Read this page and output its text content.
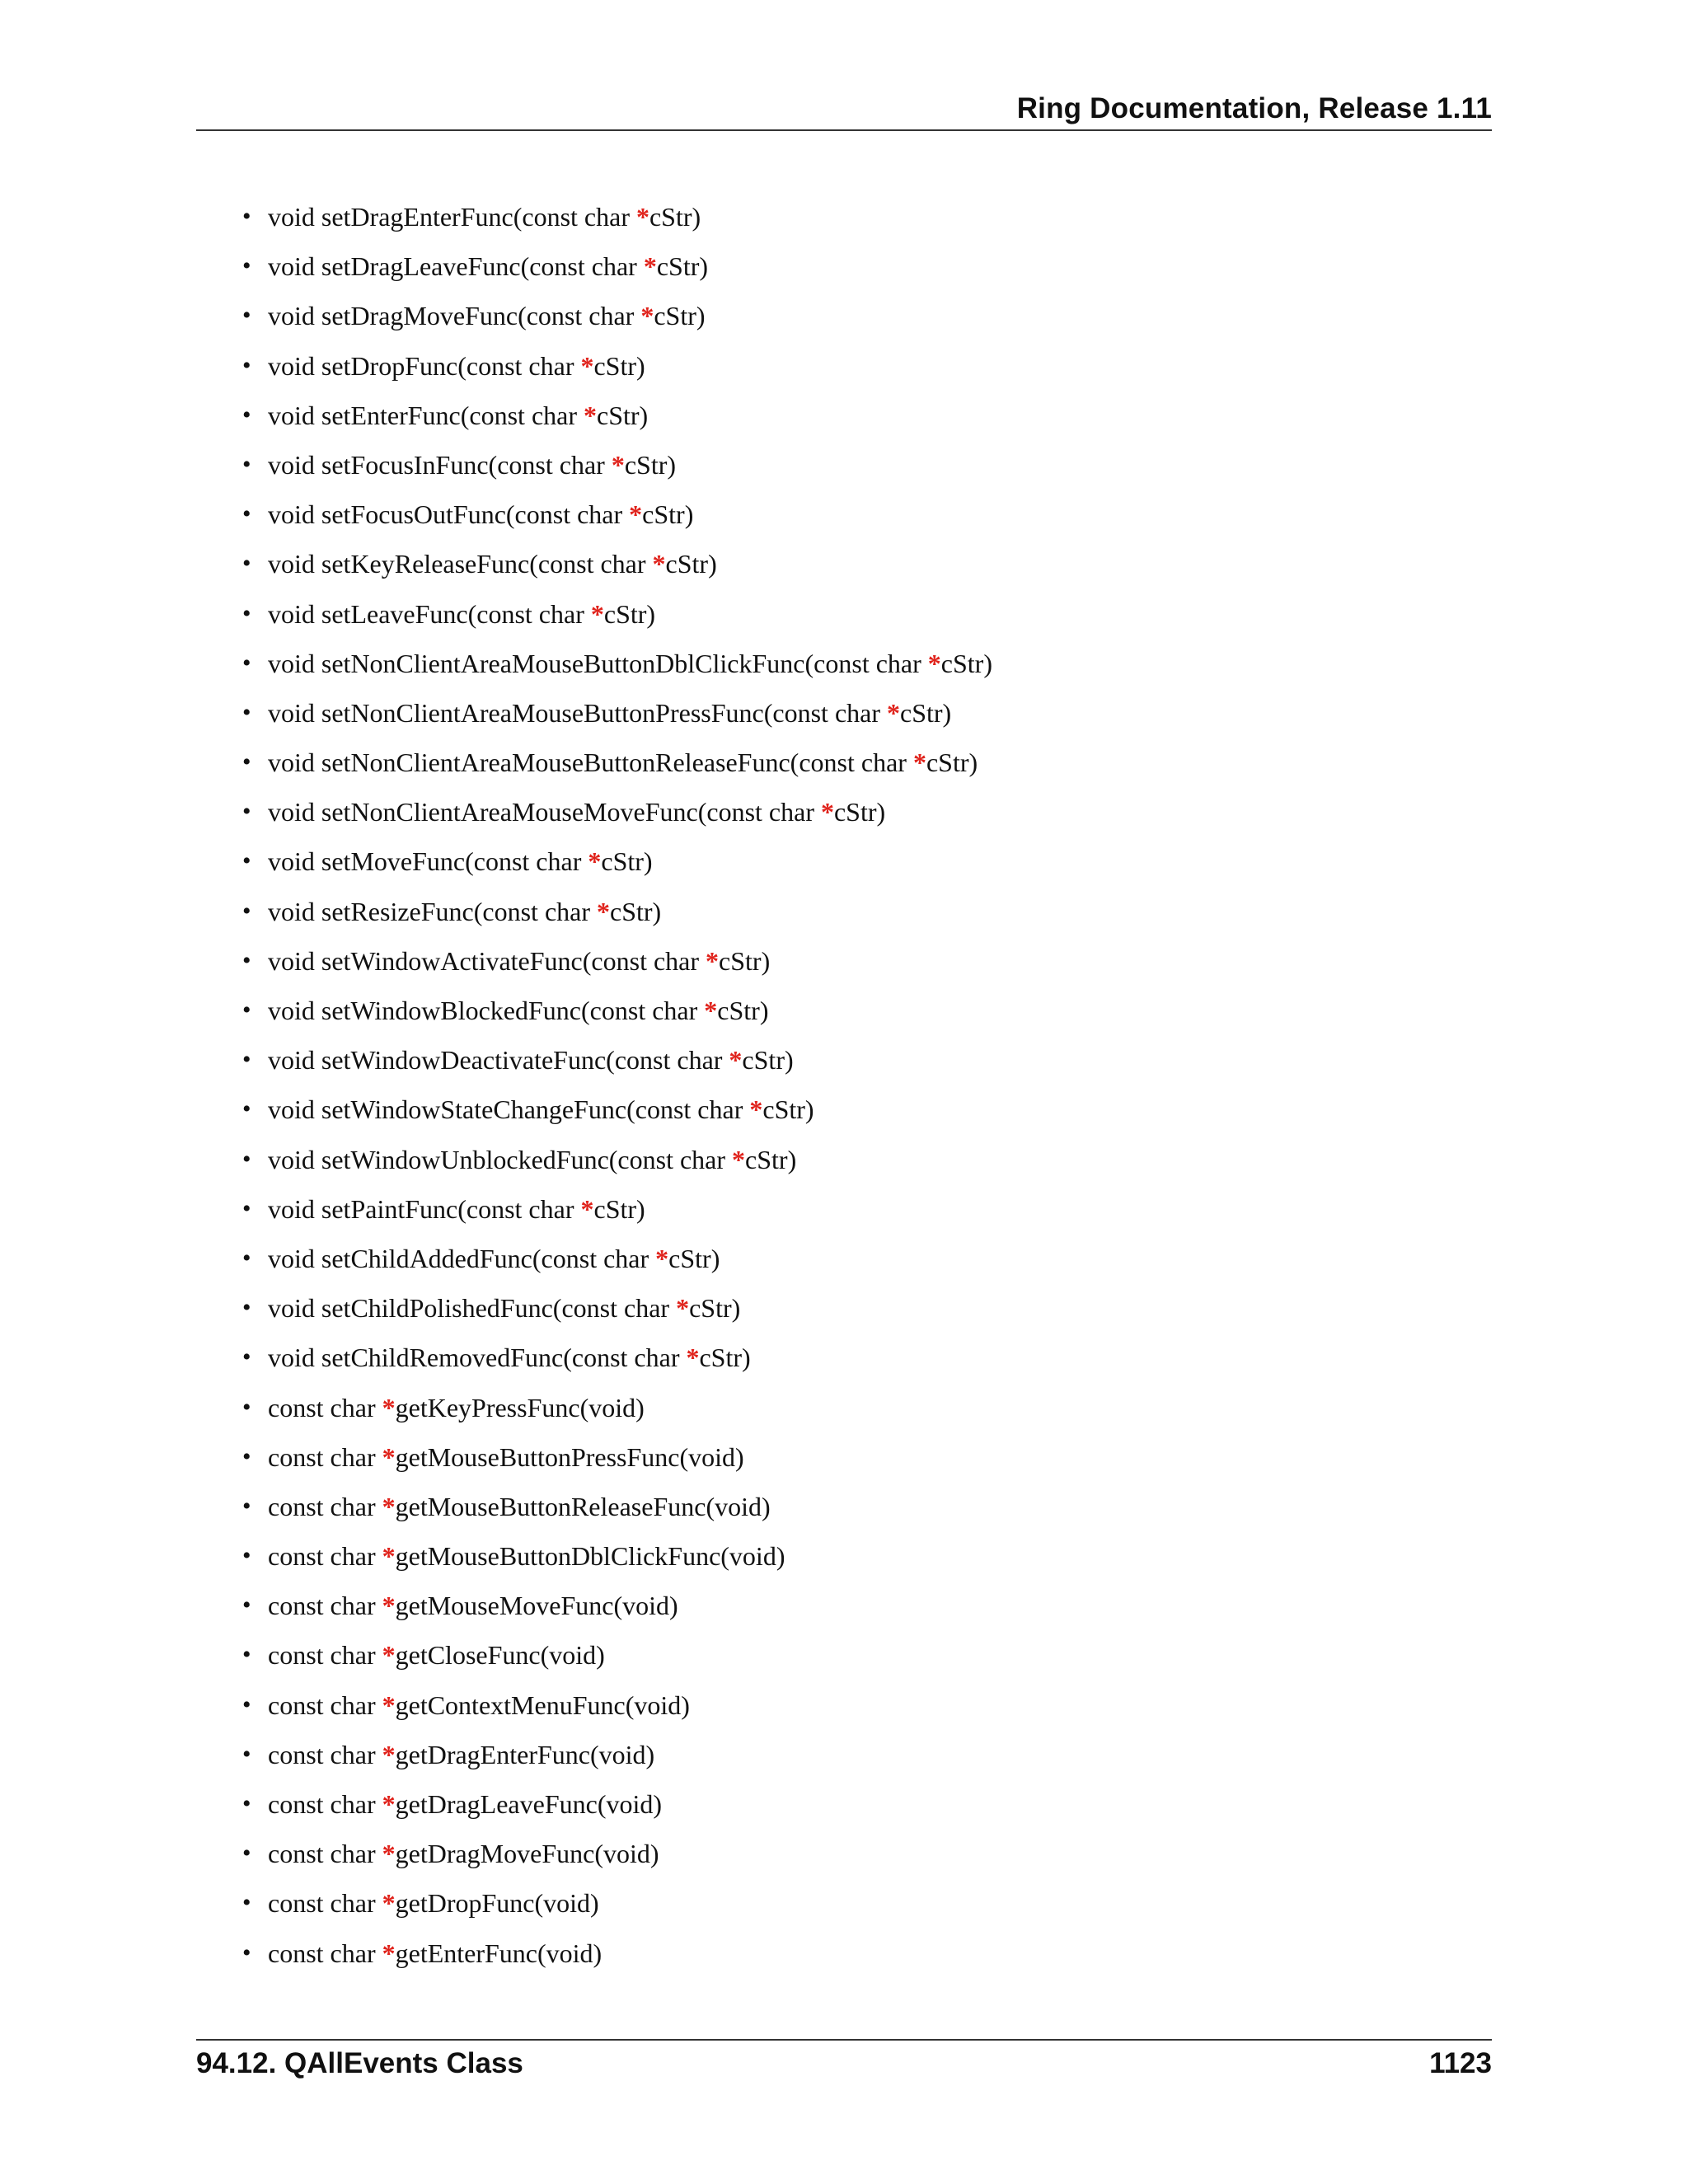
Ring Documentation, Release 1.11
• void setDragEnterFunc(const char *cStr)
• void setDragLeaveFunc(const char *cStr)
• void setDragMoveFunc(const char *cStr)
• void setDropFunc(const char *cStr)
• void setEnterFunc(const char *cStr)
• void setFocusInFunc(const char *cStr)
• void setFocusOutFunc(const char *cStr)
• void setKeyReleaseFunc(const char *cStr)
• void setLeaveFunc(const char *cStr)
• void setNonClientAreaMouseButtonDblClickFunc(const char *cStr)
• void setNonClientAreaMouseButtonPressFunc(const char *cStr)
• void setNonClientAreaMouseButtonReleaseFunc(const char *cStr)
• void setNonClientAreaMouseMoveFunc(const char *cStr)
• void setMoveFunc(const char *cStr)
• void setResizeFunc(const char *cStr)
• void setWindowActivateFunc(const char *cStr)
• void setWindowBlockedFunc(const char *cStr)
• void setWindowDeactivateFunc(const char *cStr)
• void setWindowStateChangeFunc(const char *cStr)
• void setWindowUnblockedFunc(const char *cStr)
• void setPaintFunc(const char *cStr)
• void setChildAddedFunc(const char *cStr)
• void setChildPolishedFunc(const char *cStr)
• void setChildRemovedFunc(const char *cStr)
• const char *getKeyPressFunc(void)
• const char *getMouseButtonPressFunc(void)
• const char *getMouseButtonReleaseFunc(void)
• const char *getMouseButtonDblClickFunc(void)
• const char *getMouseMoveFunc(void)
• const char *getCloseFunc(void)
• const char *getContextMenuFunc(void)
• const char *getDragEnterFunc(void)
• const char *getDragLeaveFunc(void)
• const char *getDragMoveFunc(void)
• const char *getDropFunc(void)
• const char *getEnterFunc(void)
94.12. QAllEvents Class	1123
